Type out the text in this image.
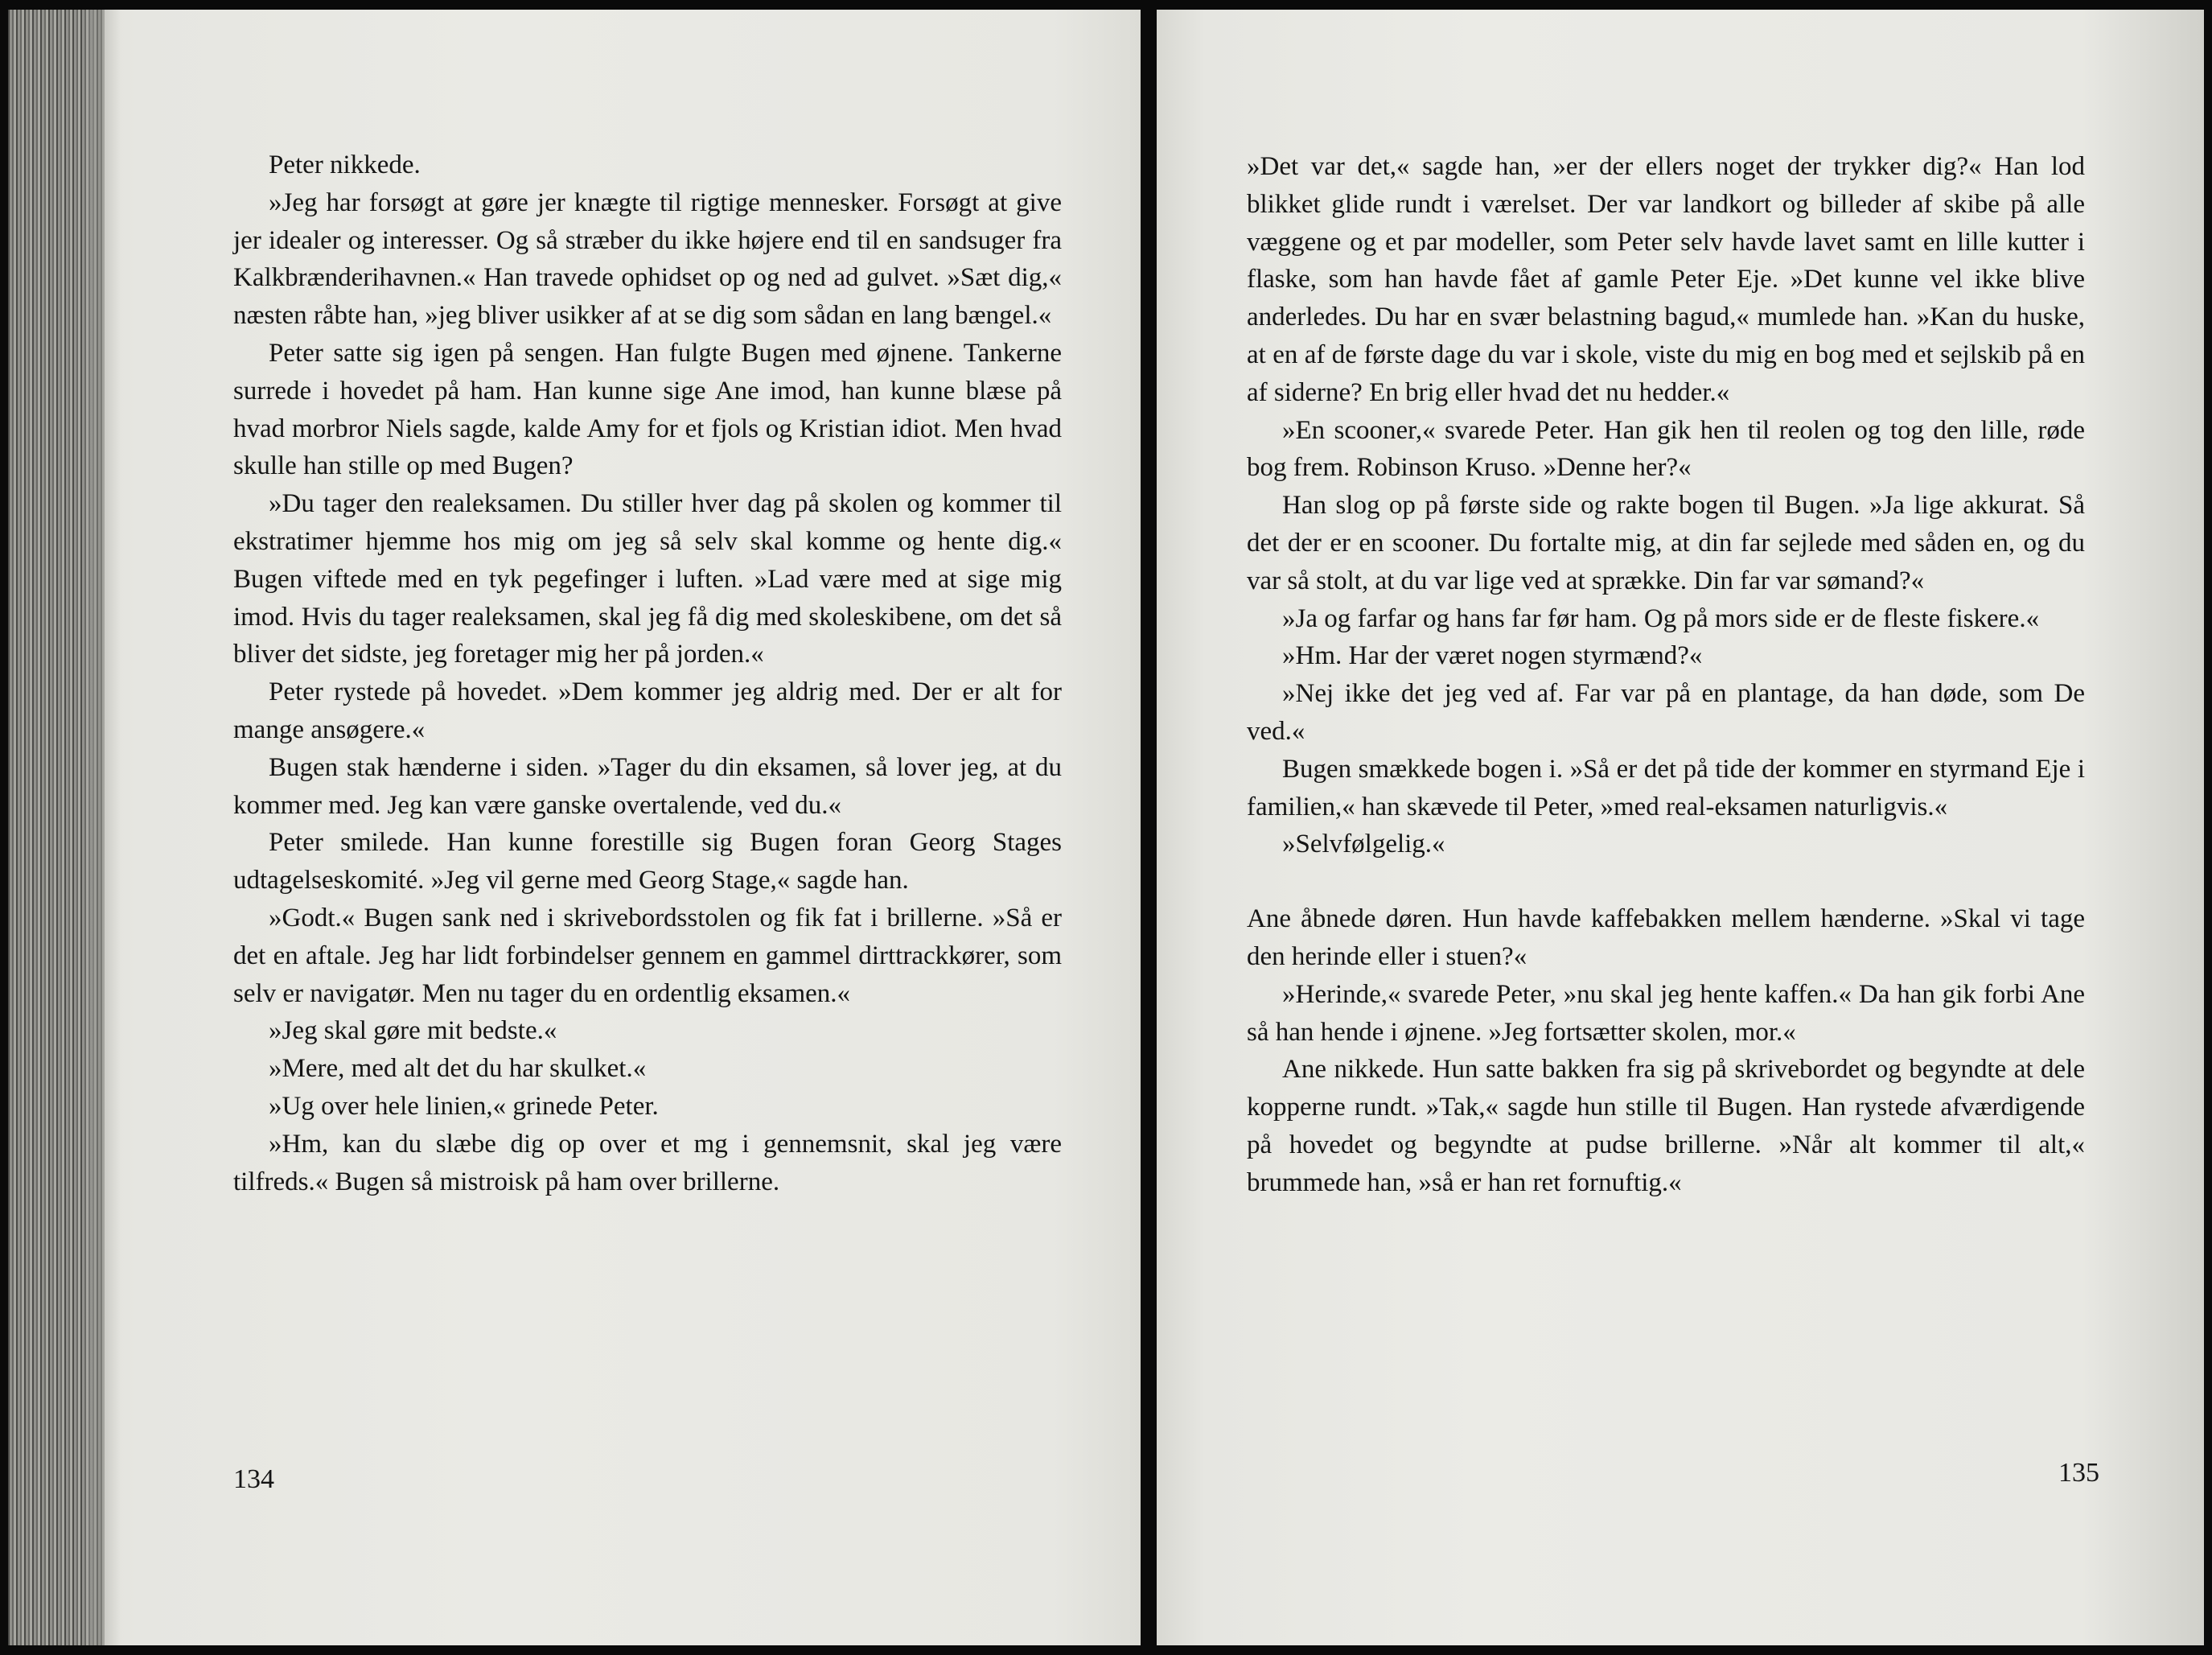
Peter nikkede.

»Jeg har forsøgt at gøre jer knægte til rigtige mennesker. Forsøgt at give jer idealer og interesser. Og så stræber du ikke højere end til en sandsuger fra Kalkbrænderihavnen.« Han travede ophidset op og ned ad gulvet. »Sæt dig,« næsten råbte han, »jeg bliver usikker af at se dig som sådan en lang bængel.«

Peter satte sig igen på sengen. Han fulgte Bugen med øjnene. Tankerne surrede i hovedet på ham. Han kunne sige Ane imod, han kunne blæse på hvad morbror Niels sagde, kalde Amy for et fjols og Kristian idiot. Men hvad skulle han stille op med Bugen?

»Du tager den realeksamen. Du stiller hver dag på skolen og kommer til ekstratimer hjemme hos mig om jeg så selv skal komme og hente dig.« Bugen viftede med en tyk pegefinger i luften. »Lad være med at sige mig imod. Hvis du tager realeksamen, skal jeg få dig med skoleskibene, om det så bliver det sidste, jeg foretager mig her på jorden.«

Peter rystede på hovedet. »Dem kommer jeg aldrig med. Der er alt for mange ansøgere.«

Bugen stak hænderne i siden. »Tager du din eksamen, så lover jeg, at du kommer med. Jeg kan være ganske overtalende, ved du.«

Peter smilede. Han kunne forestille sig Bugen foran Georg Stages udtagelseskomité. »Jeg vil gerne med Georg Stage,« sagde han.

»Godt.« Bugen sank ned i skrivebordsstolen og fik fat i brillerne. »Så er det en aftale. Jeg har lidt forbindelser gennem en gammel dirttrackkører, som selv er navigatør. Men nu tager du en ordentlig eksamen.«

»Jeg skal gøre mit bedste.«

»Mere, med alt det du har skulket.«

»Ug over hele linien,« grinede Peter.

»Hm, kan du slæbe dig op over et mg i gennemsnit, skal jeg være tilfreds.« Bugen så mistroisk på ham over brillerne.

134

»Det var det,« sagde han, »er der ellers noget der trykker dig?« Han lod blikket glide rundt i værelset. Der var landkort og billeder af skibe på alle væggene og et par modeller, som Peter selv havde lavet samt en lille kutter i flaske, som han havde fået af gamle Peter Eje. »Det kunne vel ikke blive anderledes. Du har en svær belastning bagud,« mumlede han. »Kan du huske, at en af de første dage du var i skole, viste du mig en bog med et sejlskib på en af siderne? En brig eller hvad det nu hedder.«

»En scooner,« svarede Peter. Han gik hen til reolen og tog den lille, røde bog frem. Robinson Kruso. »Denne her?«

Han slog op på første side og rakte bogen til Bugen. »Ja lige akkurat. Så det der er en scooner. Du fortalte mig, at din far sejlede med såden en, og du var så stolt, at du var lige ved at sprække. Din far var sømand?«

»Ja og farfar og hans far før ham. Og på mors side er de fleste fiskere.«

»Hm. Har der været nogen styrmænd?«

»Nej ikke det jeg ved af. Far var på en plantage, da han døde, som De ved.«

Bugen smækkede bogen i. »Så er det på tide der kommer en styrmand Eje i familien,« han skævede til Peter, »med real-eksamen naturligvis.«

»Selvfølgelig.«

Ane åbnede døren. Hun havde kaffebakken mellem hænderne. »Skal vi tage den herinde eller i stuen?«

»Herinde,« svarede Peter, »nu skal jeg hente kaffen.« Da han gik forbi Ane så han hende i øjnene. »Jeg fortsætter skolen, mor.«

Ane nikkede. Hun satte bakken fra sig på skrivebordet og begyndte at dele kopperne rundt. »Tak,« sagde hun stille til Bugen. Han rystede afværdigende på hovedet og begyndte at pudse brillerne. »Når alt kommer til alt,« brummede han, »så er han ret fornuftig.«

135
